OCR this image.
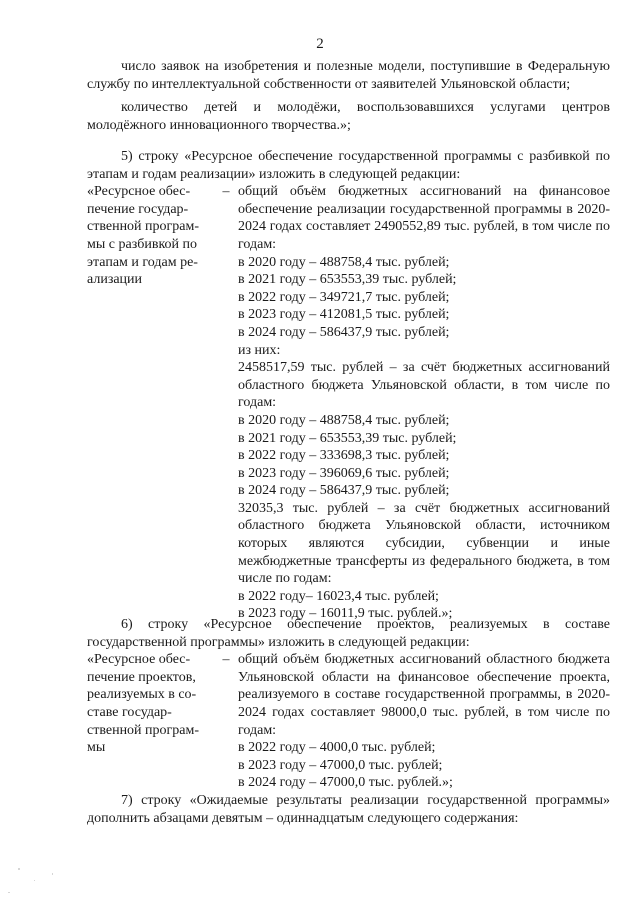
2

число заявок на изобретения и полезные модели, поступившие в Федеральную службу по интеллектуальной собственности от заявителей Ульяновской области;

количество детей и молодёжи, воспользовавшихся услугами центров молодёжного инновационного творчества.»;

5) строку «Ресурсное обеспечение государственной программы с разбивкой по этапам и годам реализации» изложить в следующей редакции:

«Ресурсное обес-
печение государ-
ственной програм-
мы с разбивкой по
этапам и годам ре-
ализации
– общий объём бюджетных ассигнований на финансовое обеспечение реализации государственной программы в 2020-2024 годах составляет 2490552,89 тыс. рублей, в том числе по годам:
в 2020 году – 488758,4 тыс. рублей;
в 2021 году – 653553,39 тыс. рублей;
в 2022 году – 349721,7 тыс. рублей;
в 2023 году – 412081,5 тыс. рублей;
в 2024 году – 586437,9 тыс. рублей;
из них:
2458517,59 тыс. рублей – за счёт бюджетных ассигнований областного бюджета Ульяновской области, в том числе по годам:
в 2020 году – 488758,4 тыс. рублей;
в 2021 году – 653553,39 тыс. рублей;
в 2022 году – 333698,3 тыс. рублей;
в 2023 году – 396069,6 тыс. рублей;
в 2024 году – 586437,9 тыс. рублей;
32035,3 тыс. рублей – за счёт бюджетных ассигнований областного бюджета Ульяновской области, источником которых являются субсидии, субвенции и иные межбюджетные трансферты из федерального бюджета, в том числе по годам:
в 2022 году– 16023,4 тыс. рублей;
в 2023 году – 16011,9 тыс. рублей.»;

6) строку «Ресурсное обеспечение проектов, реализуемых в составе государственной программы» изложить в следующей редакции:

«Ресурсное обес-
печение проектов,
реализуемых в со-
ставе государ-
ственной програм-
мы
– общий объём бюджетных ассигнований областного бюджета Ульяновской области на финансовое обеспечение проекта, реализуемого в составе государственной программы, в 2020-2024 годах составляет 98000,0 тыс. рублей, в том числе по годам:
в 2022 году – 4000,0 тыс. рублей;
в 2023 году – 47000,0 тыс. рублей;
в 2024 году – 47000,0 тыс. рублей.»;

7) строку «Ожидаемые результаты реализации государственной программы» дополнить абзацами девятым – одиннадцатым следующего содержания:
